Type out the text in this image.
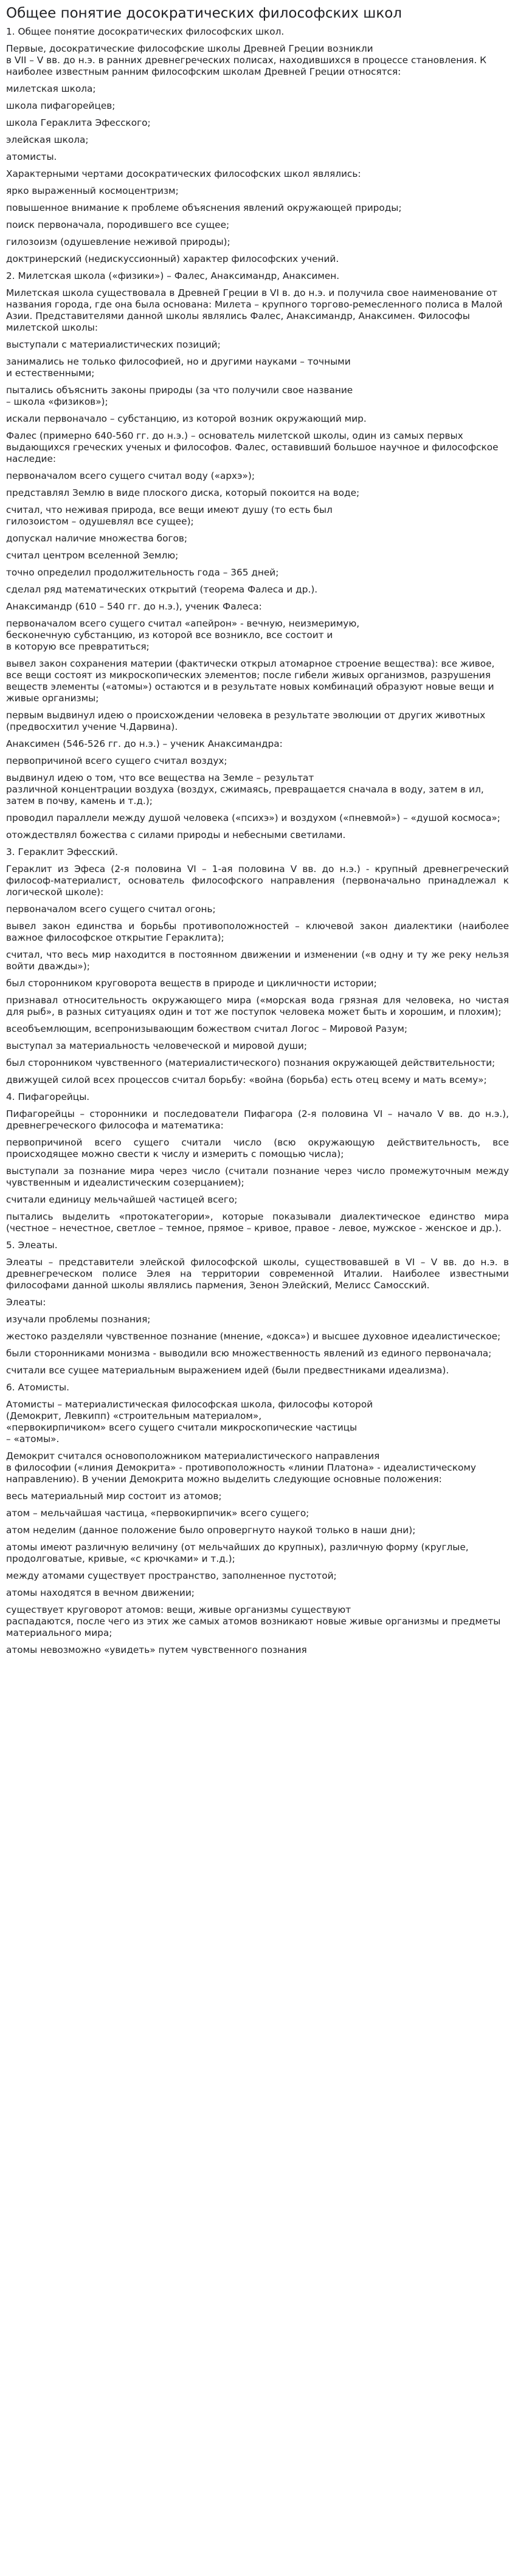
Общее понятие досократических философских школ
1. Общее понятие досократических философских школ.
Первые, досократические философские школы Древней Греции возникли
в VII – V вв. до н.э. в ранних древнегреческих полисах, находившихся в процессе становления. К наиболее известным ранним философским школам Древней Греции относятся:
милетская школа;
школа пифагорейцев;
школа Гераклита Эфесского;
элейская школа;
атомисты.
Характерными чертами досократических философских школ являлись:
ярко выраженный космоцентризм;
повышенное внимание к проблеме объяснения явлений окружающей природы;
поиск первоначала, породившего все сущее;
гилозоизм (одушевление неживой природы);
доктринерский (недискуссионный) характер философских учений.
2. Милетская школа («физики») – Фалес, Анаксимандр, Анаксимен.
Милетская школа существовала в Древней Греции в VI в. до н.э. и получила свое наименование от названия города, где она была основана: Милета – крупного торгово-ремесленного полиса в Малой Азии. Представителями данной школы являлись Фалес, Анаксимандр, Анаксимен. Философы милетской школы:
выступали с материалистических позиций;
занимались не только философией, но и другими науками – точными
и естественными;
пытались объяснить законы природы (за что получили свое название
– школа «физиков»);
искали первоначало – субстанцию, из которой возник окружающий мир.
Фалес (примерно 640-560 гг. до н.э.) – основатель милетской школы, один из самых первых выдающихся греческих ученых и философов. Фалес, оставивший большое научное и философское наследие:
первоначалом всего сущего считал воду («архэ»);
представлял Землю в виде плоского диска, который покоится на воде;
считал, что неживая природа, все вещи имеют душу (то есть был
гилозоистом – одушевлял все сущее);
допускал наличие множества богов;
считал центром вселенной Землю;
точно определил продолжительность года – 365 дней;
сделал ряд математических открытий (теорема Фалеса и др.).
Анаксимандр (610 – 540 гг. до н.э.), ученик Фалеса:
первоначалом всего сущего считал «апейрон» - вечную, неизмеримую,
бесконечную субстанцию, из которой все возникло, все состоит и
в которую все превратиться;
вывел закон сохранения материи (фактически открыл атомарное строение вещества): все живое, все вещи состоят из микроскопических элементов; после гибели живых организмов, разрушения веществ элементы («атомы») остаются и в результате новых комбинаций образуют новые вещи и живые организмы;
первым выдвинул идею о происхождении человека в результате эволюции от других животных (предвосхитил учение Ч.Дарвина).
Анаксимен (546-526 гг. до н.э.) – ученик Анаксимандра:
первопричиной всего сущего считал воздух;
выдвинул идею о том, что все вещества на Земле – результат
различной концентрации воздуха (воздух, сжимаясь, превращается сначала в воду, затем в ил, затем в почву, камень и т.д.);
проводил параллели между душой человека («психэ») и воздухом («пневмой») – «душой космоса»;
отождествлял божества с силами природы и небесными светилами.
3. Гераклит Эфесский.
Гераклит из Эфеса (2-я половина VI – 1-ая половина V вв. до н.э.) - крупный древнегреческий философ-материалист, основатель философского направления (первоначально принадлежал к логической школе):
первоначалом всего сущего считал огонь;
вывел закон единства и борьбы противоположностей – ключевой закон диалектики (наиболее важное философское открытие Гераклита);
считал, что весь мир находится в постоянном движении и изменении («в одну и ту же реку нельзя войти дважды»);
был сторонником круговорота веществ в природе и цикличности истории;
признавал относительность окружающего мира («морская вода грязная для человека, но чистая для рыб», в разных ситуациях один и тот же поступок человека может быть и хорошим, и плохим);
всеобъемлющим, всепронизывающим божеством считал Логос – Мировой Разум;
выступал за материальность человеческой и мировой души;
был сторонником чувственного (материалистического) познания окружающей действительности;
движущей силой всех процессов считал борьбу: «война (борьба) есть отец всему и мать всему»;
4. Пифагорейцы.
Пифагорейцы – сторонники и последователи Пифагора (2-я половина VI – начало V вв. до н.э.), древнегреческого философа и математика:
первопричиной всего сущего считали число (всю окружающую действительность, все происходящее можно свести к числу и измерить с помощью числа);
выступали за познание мира через число (считали познание через число промежуточным между чувственным и идеалистическим созерцанием);
считали единицу мельчайшей частицей всего;
пытались выделить «протокатегории», которые показывали диалектическое единство мира (честное – нечестное, светлое – темное, прямое – кривое, правое - левое, мужское - женское и др.).
5. Элеаты.
Элеаты – представители элейской философской школы, существовавшей в VI – V вв. до н.э. в древнегреческом полисе Элея на территории современной Италии. Наиболее известными философами данной школы являлись пармения, Зенон Элейский, Мелисс Самосский.
Элеаты:
изучали проблемы познания;
жестоко разделяли чувственное познание (мнение, «докса») и высшее духовное идеалистическое;
были сторонниками монизма - выводили всю множественность явлений из единого первоначала;
считали все сущее материальным выражением идей (были предвестниками идеализма).
6. Атомисты.
Атомисты – материалистическая философская школа, философы которой
(Демокрит, Левкипп) «строительным материалом»,
«первокирпичиком» всего сущего считали микроскопические частицы
– «атомы».
Демокрит считался основоположником материалистического направления
в философии («линия Демокрита» - противоположность «линии Платона» - идеалистическому направлению). В учении Демокрита можно выделить следующие основные положения:
весь материальный мир состоит из атомов;
атом – мельчайшая частица, «первокирпичик» всего сущего;
атом неделим (данное положение было опровергнуто наукой только в наши дни);
атомы имеют различную величину (от мельчайших до крупных), различную форму (круглые, продолговатые, кривые, «с крючками» и т.д.);
между атомами существует пространство, заполненное пустотой;
атомы находятся в вечном движении;
существует круговорот атомов: вещи, живые организмы существуют
распадаются, после чего из этих же самых атомов возникают новые живые организмы и предметы материального мира;
атомы невозможно «увидеть» путем чувственного познания
